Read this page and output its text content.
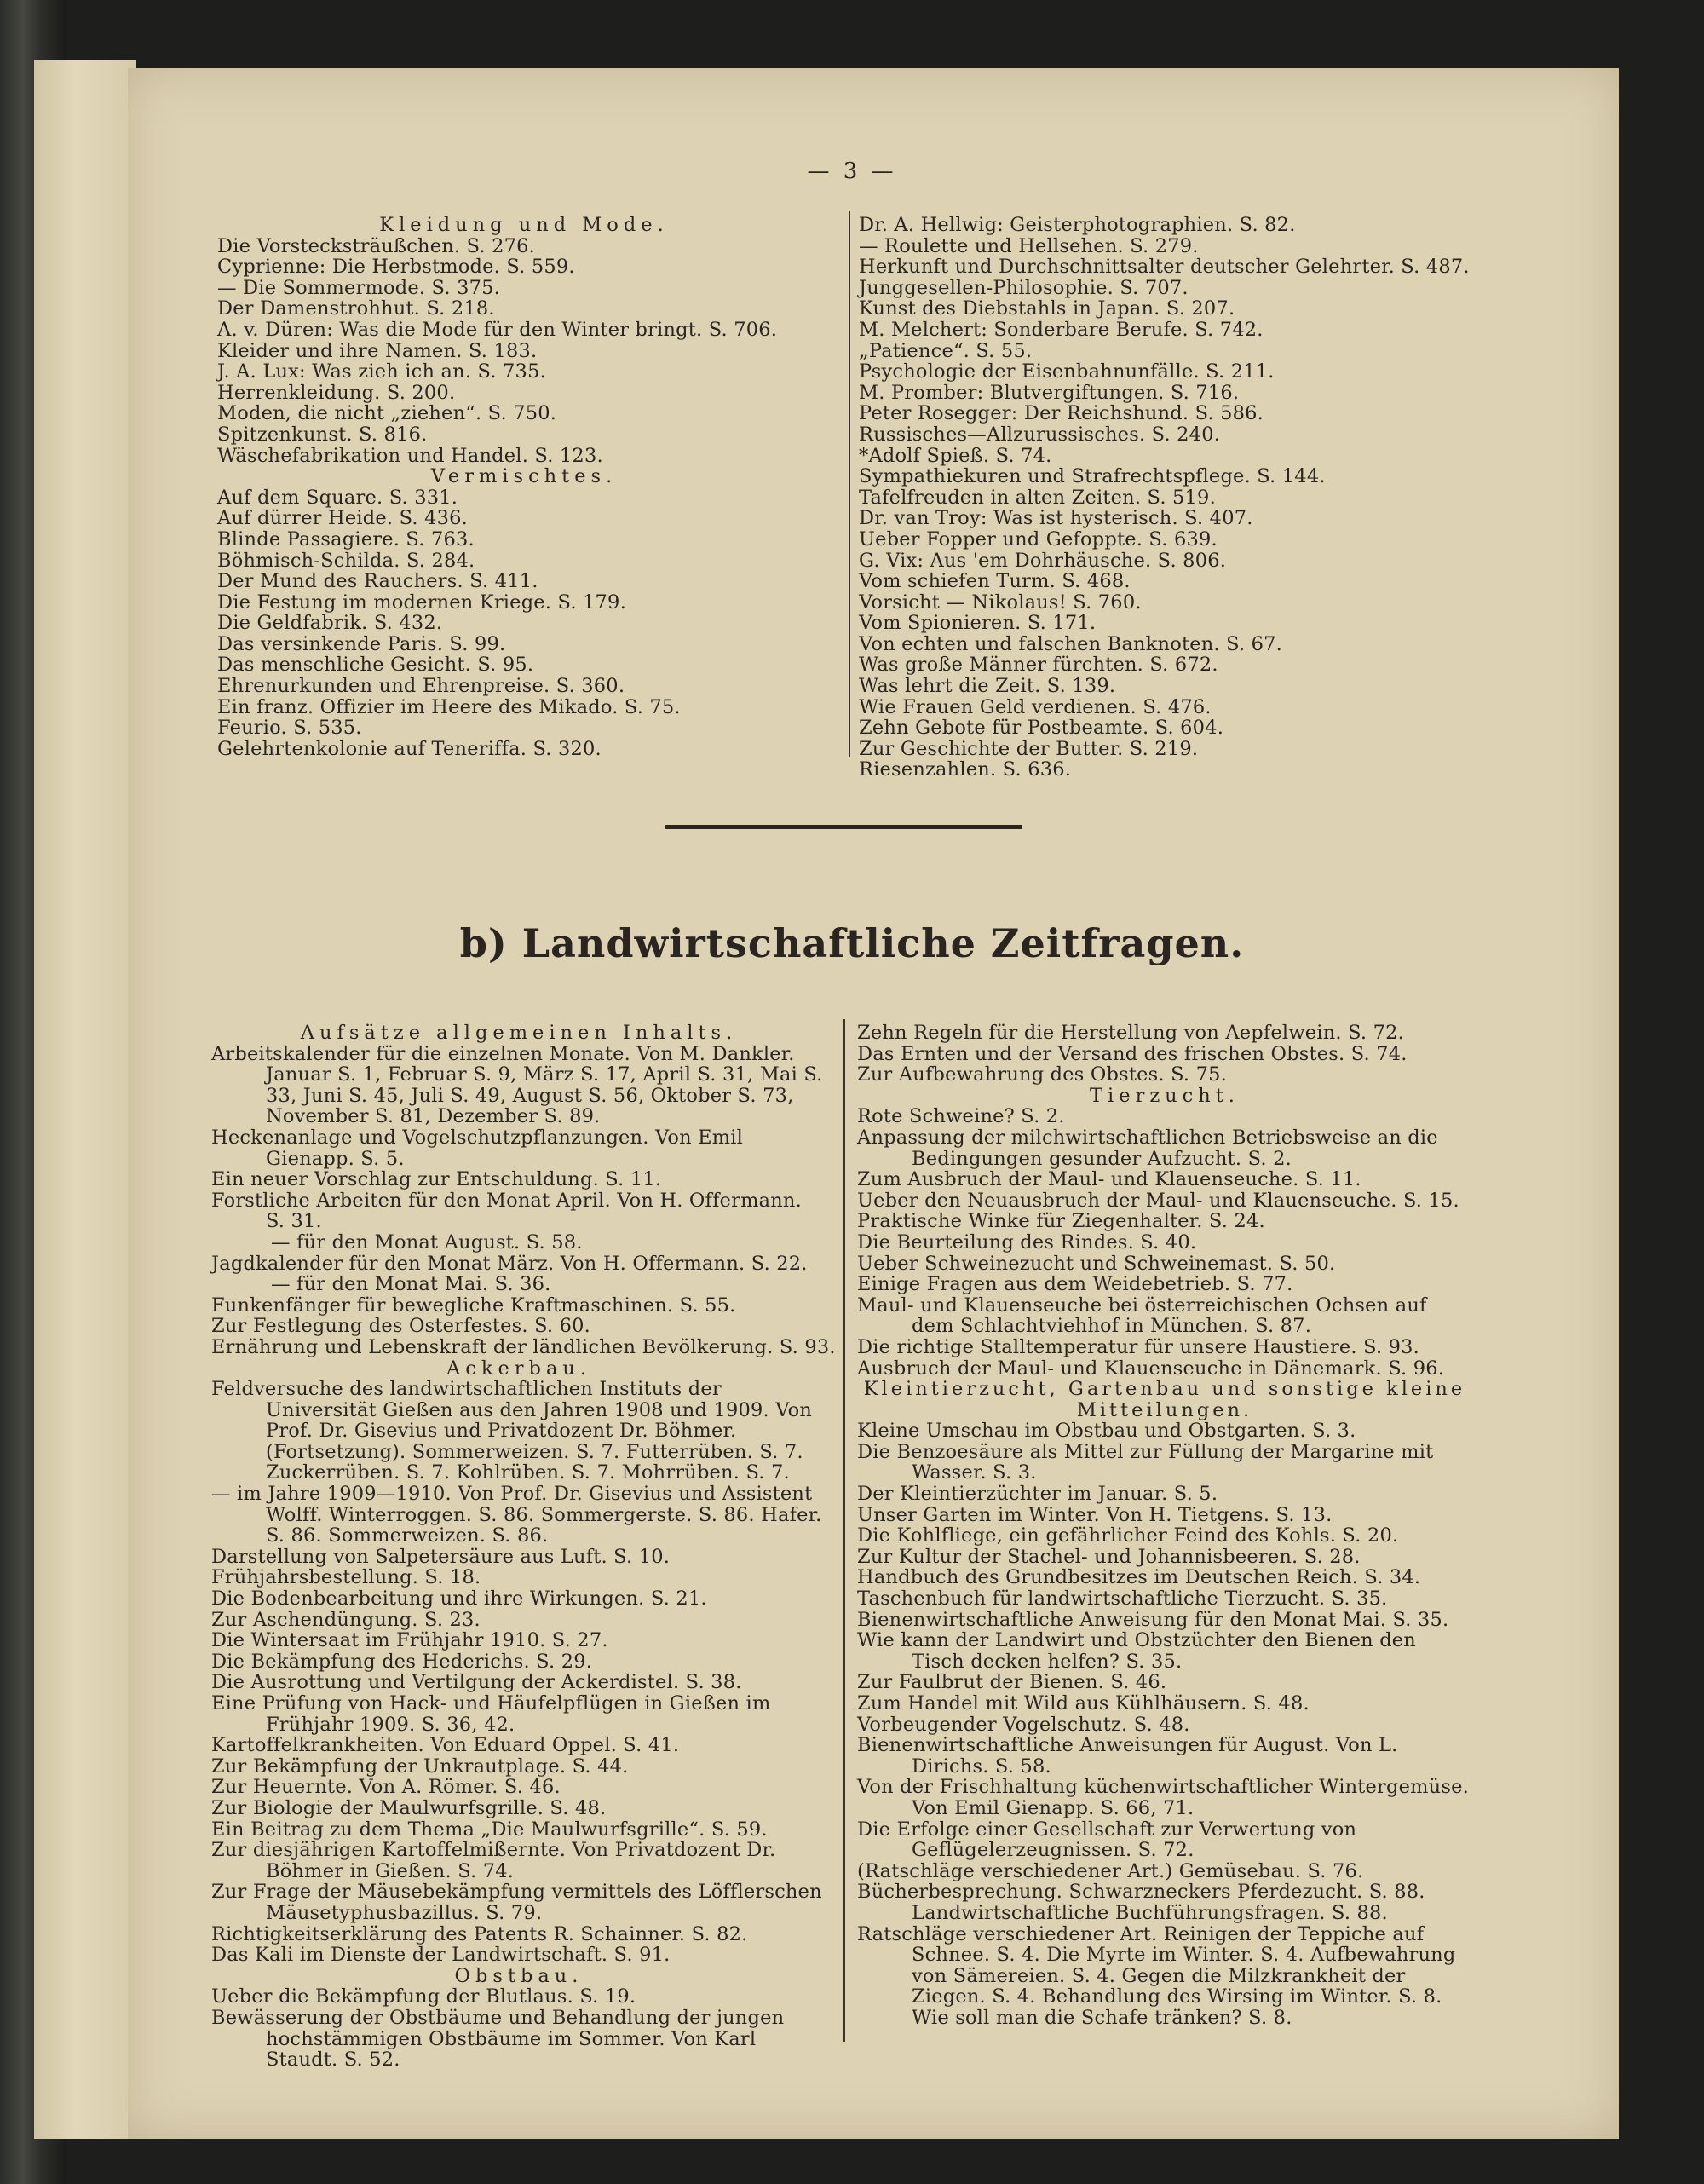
— 3 —
Kleidung und Mode.
Die Vorstecksträußchen. S. 276.
Cyprienne: Die Herbstmode. S. 559.
— Die Sommermode. S. 375.
Der Damenstrohhut. S. 218.
A. v. Düren: Was die Mode für den Winter bringt. S. 706.
Kleider und ihre Namen. S. 183.
J. A. Lux: Was zieh ich an. S. 735.
Herrenkleidung. S. 200.
Moden, die nicht „ziehen“. S. 750.
Spitzenkunst. S. 816.
Wäschefabrikation und Handel. S. 123.
Vermischtes.
Auf dem Square. S. 331.
Auf dürrer Heide. S. 436.
Blinde Passagiere. S. 763.
Böhmisch-Schilda. S. 284.
Der Mund des Rauchers. S. 411.
Die Festung im modernen Kriege. S. 179.
Die Geldfabrik. S. 432.
Das versinkende Paris. S. 99.
Das menschliche Gesicht. S. 95.
Ehrenurkunden und Ehrenpreise. S. 360.
Ein franz. Offizier im Heere des Mikado. S. 75.
Feurio. S. 535.
Gelehrtenkolonie auf Teneriffa. S. 320.
Dr. A. Hellwig: Geisterphotographien. S. 82.
— Roulette und Hellsehen. S. 279.
Herkunft und Durchschnittsalter deutscher Gelehrter. S. 487.
Junggesellen-Philosophie. S. 707.
Kunst des Diebstahls in Japan. S. 207.
M. Melchert: Sonderbare Berufe. S. 742.
„Patience“. S. 55.
Psychologie der Eisenbahnunfälle. S. 211.
M. Promber: Blutvergiftungen. S. 716.
Peter Rosegger: Der Reichshund. S. 586.
Russisches—Allzurussisches. S. 240.
*Adolf Spieß. S. 74.
Sympathiekuren und Strafrechtspflege. S. 144.
Tafelfreuden in alten Zeiten. S. 519.
Dr. van Troy: Was ist hysterisch. S. 407.
Ueber Fopper und Gefoppte. S. 639.
G. Vix: Aus 'em Dohrhäusche. S. 806.
Vom schiefen Turm. S. 468.
Vorsicht — Nikolaus! S. 760.
Vom Spionieren. S. 171.
Von echten und falschen Banknoten. S. 67.
Was große Männer fürchten. S. 672.
Was lehrt die Zeit. S. 139.
Wie Frauen Geld verdienen. S. 476.
Zehn Gebote für Postbeamte. S. 604.
Zur Geschichte der Butter. S. 219.
Riesenzahlen. S. 636.
b) Landwirtschaftliche Zeitfragen.
Aufsätze allgemeinen Inhalts.
Arbeitskalender für die einzelnen Monate. Von M. Dankler. Januar S. 1, Februar S. 9, März S. 17, April S. 31, Mai S. 33, Juni S. 45, Juli S. 49, August S. 56, Oktober S. 73, November S. 81, Dezember S. 89.
Heckenanlage und Vogelschutzpflanzungen. Von Emil Gienapp. S. 5.
Ein neuer Vorschlag zur Entschuldung. S. 11.
Forstliche Arbeiten für den Monat April. Von H. Offermann. S. 31.
— für den Monat August. S. 58.
Jagdkalender für den Monat März. Von H. Offermann. S. 22.
— für den Monat Mai. S. 36.
Funkenfänger für bewegliche Kraftmaschinen. S. 55.
Zur Festlegung des Osterfestes. S. 60.
Ernährung und Lebenskraft der ländlichen Bevölkerung. S. 93.
Ackerbau.
Feldversuche des landwirtschaftlichen Instituts der Universität Gießen aus den Jahren 1908 und 1909. Von Prof. Dr. Gisevius und Privatdozent Dr. Böhmer. (Fortsetzung). Sommerweizen. S. 7. Futterrüben. S. 7. Zuckerrüben. S. 7. Kohlrüben. S. 7. Mohrrüben. S. 7.
— im Jahre 1909—1910. Von Prof. Dr. Gisevius und Assistent Wolff. Winterroggen. S. 86. Sommergerste. S. 86. Hafer. S. 86. Sommerweizen. S. 86.
Darstellung von Salpetersäure aus Luft. S. 10.
Frühjahrsbestellung. S. 18.
Die Bodenbearbeitung und ihre Wirkungen. S. 21.
Zur Aschendüngung. S. 23.
Die Wintersaat im Frühjahr 1910. S. 27.
Die Bekämpfung des Hederichs. S. 29.
Die Ausrottung und Vertilgung der Ackerdistel. S. 38.
Eine Prüfung von Hack- und Häufelpflügen in Gießen im Frühjahr 1909. S. 36, 42.
Kartoffelkrankheiten. Von Eduard Oppel. S. 41.
Zur Bekämpfung der Unkrautplage. S. 44.
Zur Heuernte. Von A. Römer. S. 46.
Zur Biologie der Maulwurfsgrille. S. 48.
Ein Beitrag zu dem Thema „Die Maulwurfsgrille“. S. 59.
Zur diesjährigen Kartoffelmißernte. Von Privatdozent Dr. Böhmer in Gießen. S. 74.
Zur Frage der Mäusebekämpfung vermittels des Löfflerschen Mäusetyphusbazillus. S. 79.
Richtigkeitserklärung des Patents R. Schainner. S. 82.
Das Kali im Dienste der Landwirtschaft. S. 91.
Obstbau.
Ueber die Bekämpfung der Blutlaus. S. 19.
Bewässerung der Obstbäume und Behandlung der jungen hochstämmigen Obstbäume im Sommer. Von Karl Staudt. S. 52.
Zehn Regeln für die Herstellung von Aepfelwein. S. 72.
Das Ernten und der Versand des frischen Obstes. S. 74.
Zur Aufbewahrung des Obstes. S. 75.
Tierzucht.
Rote Schweine? S. 2.
Anpassung der milchwirtschaftlichen Betriebsweise an die Bedingungen gesunder Aufzucht. S. 2.
Zum Ausbruch der Maul- und Klauenseuche. S. 11.
Ueber den Neuausbruch der Maul- und Klauenseuche. S. 15.
Praktische Winke für Ziegenhalter. S. 24.
Die Beurteilung des Rindes. S. 40.
Ueber Schweinezucht und Schweinemast. S. 50.
Einige Fragen aus dem Weidebetrieb. S. 77.
Maul- und Klauenseuche bei österreichischen Ochsen auf dem Schlachtviehhof in München. S. 87.
Die richtige Stalltemperatur für unsere Haustiere. S. 93.
Ausbruch der Maul- und Klauenseuche in Dänemark. S. 96.
Kleintierzucht, Gartenbau und sonstige kleine Mitteilungen.
Kleine Umschau im Obstbau und Obstgarten. S. 3.
Die Benzoesäure als Mittel zur Füllung der Margarine mit Wasser. S. 3.
Der Kleintierzüchter im Januar. S. 5.
Unser Garten im Winter. Von H. Tietgens. S. 13.
Die Kohlfliege, ein gefährlicher Feind des Kohls. S. 20.
Zur Kultur der Stachel- und Johannisbeeren. S. 28.
Handbuch des Grundbesitzes im Deutschen Reich. S. 34.
Taschenbuch für landwirtschaftliche Tierzucht. S. 35.
Bienenwirtschaftliche Anweisung für den Monat Mai. S. 35.
Wie kann der Landwirt und Obstzüchter den Bienen den Tisch decken helfen? S. 35.
Zur Faulbrut der Bienen. S. 46.
Zum Handel mit Wild aus Kühlhäusern. S. 48.
Vorbeugender Vogelschutz. S. 48.
Bienenwirtschaftliche Anweisungen für August. Von L. Dirichs. S. 58.
Von der Frischhaltung küchenwirtschaftlicher Wintergemüse. Von Emil Gienapp. S. 66, 71.
Die Erfolge einer Gesellschaft zur Verwertung von Geflügelerzeugnissen. S. 72.
(Ratschläge verschiedener Art.) Gemüsebau. S. 76.
Bücherbesprechung. Schwarzneckers Pferdezucht. S. 88. Landwirtschaftliche Buchführungsfragen. S. 88.
Ratschläge verschiedener Art. Reinigen der Teppiche auf Schnee. S. 4. Die Myrte im Winter. S. 4. Aufbewahrung von Sämereien. S. 4. Gegen die Milzkrankheit der Ziegen. S. 4. Behandlung des Wirsing im Winter. S. 8. Wie soll man die Schafe tränken? S. 8.
